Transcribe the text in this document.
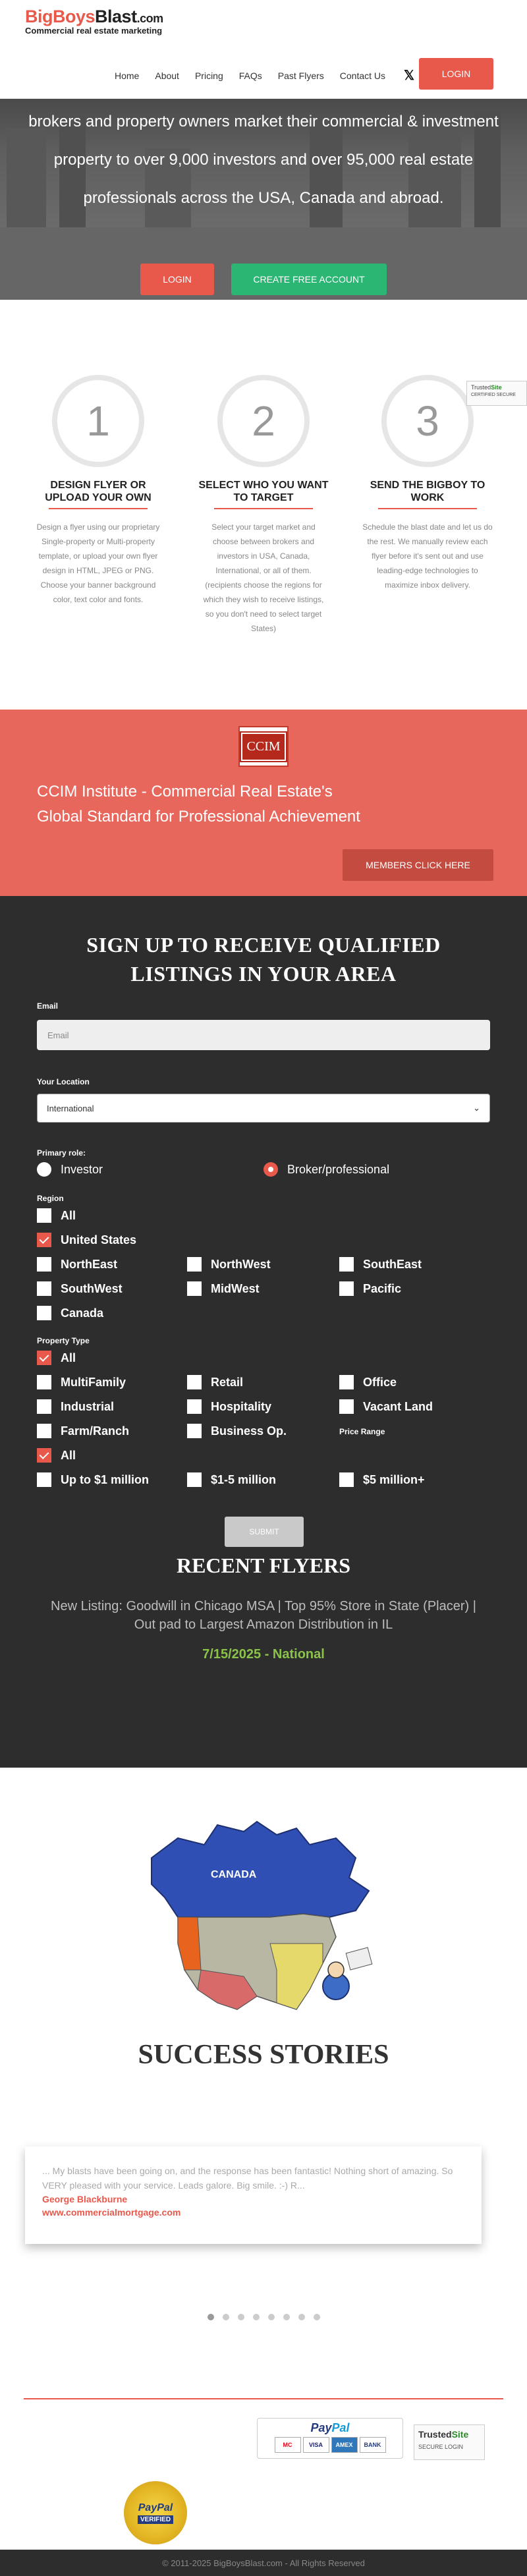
BigBoysBlast.com
Commercial real estate marketing
Home About Pricing FAQs Past Flyers Contact Us 𝕏	LOGIN
brokers and property owners market their commercial & investment property to over 9,000 investors and over 95,000 real estate professionals across the USA, Canada and abroad.
LOGIN	CREATE FREE ACCOUNT
1
DESIGN FLYER OR UPLOAD YOUR OWN

Design a flyer using our proprietary Single-property or Multi-property template, or upload your own flyer design in HTML, JPEG or PNG. Choose your banner background color, text color and fonts.

2
SELECT WHO YOU WANT TO TARGET

Select your target market and choose between brokers and investors in USA, Canada, International, or all of them. (recipients choose the regions for which they wish to receive listings, so you don't need to select target States)

3
SEND THE BIGBOY TO WORK

Schedule the blast date and let us do the rest. We manually review each flyer before it's sent out and use leading-edge technologies to maximize inbox delivery.

TrustedSite
CERTIFIED SECURE
CCIM
CCIM Institute - Commercial Real Estate's
Global Standard for Professional Achievement
MEMBERS CLICK HERE
SIGN UP TO RECEIVE QUALIFIED
LISTINGS IN YOUR AREA
Email
Email
Your Location
International	⌄
Primary role:
Investor	Broker/professional
Region
All
United States
NorthEast	NorthWest	SouthEast
SouthWest	MidWest	Pacific
Canada
Property Type
All
MultiFamily	Retail	Office
Industrial	Hospitality	Vacant Land
Farm/Ranch	Business Op.	Price Range
All
Up to $1 million	$1-5 million	$5 million+
SUBMIT
RECENT FLYERS
New Listing: Goodwill in Chicago MSA | Top 95% Store in State (Placer) | Out pad to Largest Amazon Distribution in IL
7/15/2025 - National
CANADA
SUCCESS STORIES
... My blasts have been going on, and the response has been fantastic! Nothing short of amazing. So VERY pleased with your service. Leads galore. Big smile. :-) R...
George Blackburne
www.commercialmortgage.com
PayPal
MC	VISA	AMEX	BANK
TrustedSite
SECURE LOGIN
PayPal
VERIFIED
© 2011-2025 BigBoysBlast.com - All Rights Reserved
